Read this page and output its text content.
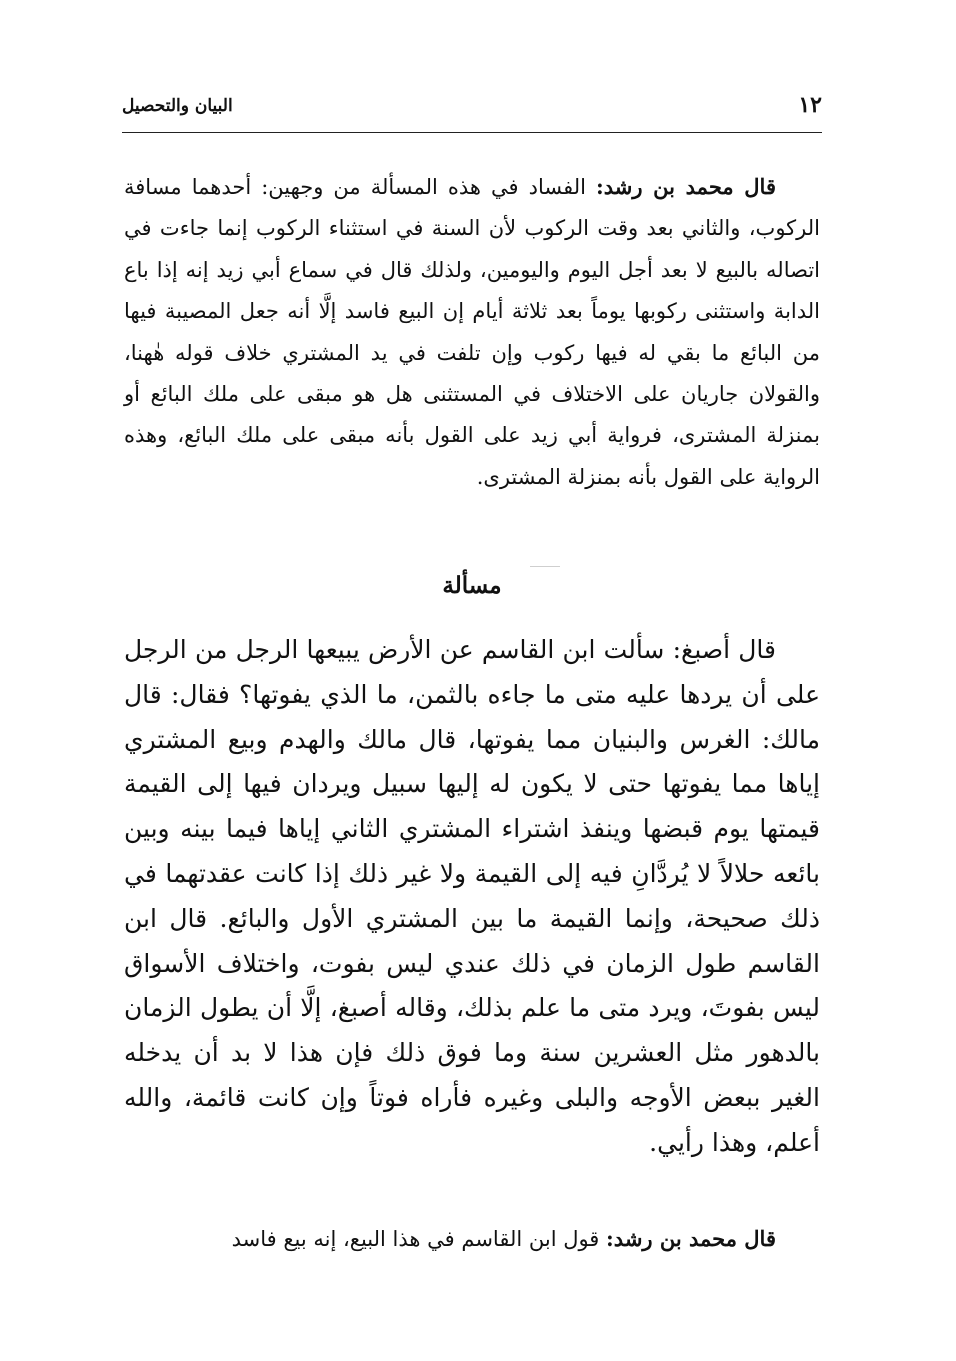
١٢
البيان والتحصيل
قال محمد بن رشد: الفساد في هذه المسألة من وجهين: أحدهما مسافة الركوب، والثاني بعد وقت الركوب لأن السنة في استثناء الركوب إنما جاءت في اتصاله بالبيع لا بعد أجل اليوم واليومين، ولذلك قال في سماع أبي زيد إنه إذا باع الدابة واستثنى ركوبها يوماً بعد ثلاثة أيام إن البيع فاسد إلَّا أنه جعل المصيبة فيها من البائع ما بقي له فيها ركوب وإن تلفت في يد المشتري خلاف قوله هٰهنا، والقولان جاريان على الاختلاف في المستثنى هل هو مبقى على ملك البائع أو بمنزلة المشترى، فرواية أبي زيد على القول بأنه مبقى على ملك البائع، وهذه الرواية على القول بأنه بمنزلة المشترى.
مسألة
قال أصبغ: سألت ابن القاسم عن الأرض يبيعها الرجل من الرجل على أن يردها عليه متى ما جاءه بالثمن، ما الذي يفوتها؟ فقال: قال مالك: الغرس والبنيان مما يفوتها، قال مالك والهدم وبيع المشتري إياها مما يفوتها حتى لا يكون له إليها سبيل ويردان فيها إلى القيمة قيمتها يوم قبضها وينفذ اشتراء المشتري الثاني إياها فيما بينه وبين بائعه حلالاً لا يُردَّانِ فيه إلى القيمة ولا غير ذلك إذا كانت عقدتهما في ذلك صحيحة، وإنما القيمة ما بين المشتري الأول والبائع. قال ابن القاسم طول الزمان في ذلك عندي ليس بفوت، واختلاف الأسواق ليس بفوتَ، ويرد متى ما علم بذلك، وقاله أصبغ، إلَّا أن يطول الزمان بالدهور مثل العشرين سنة وما فوق ذلك فإن هذا لا بد أن يدخله الغير ببعض الأوجه والبلى وغيره فأراه فوتاً وإن كانت قائمة، والله أعلم، وهذا رأيي.
قال محمد بن رشد: قول ابن القاسم في هذا البيع، إنه بيع فاسد
